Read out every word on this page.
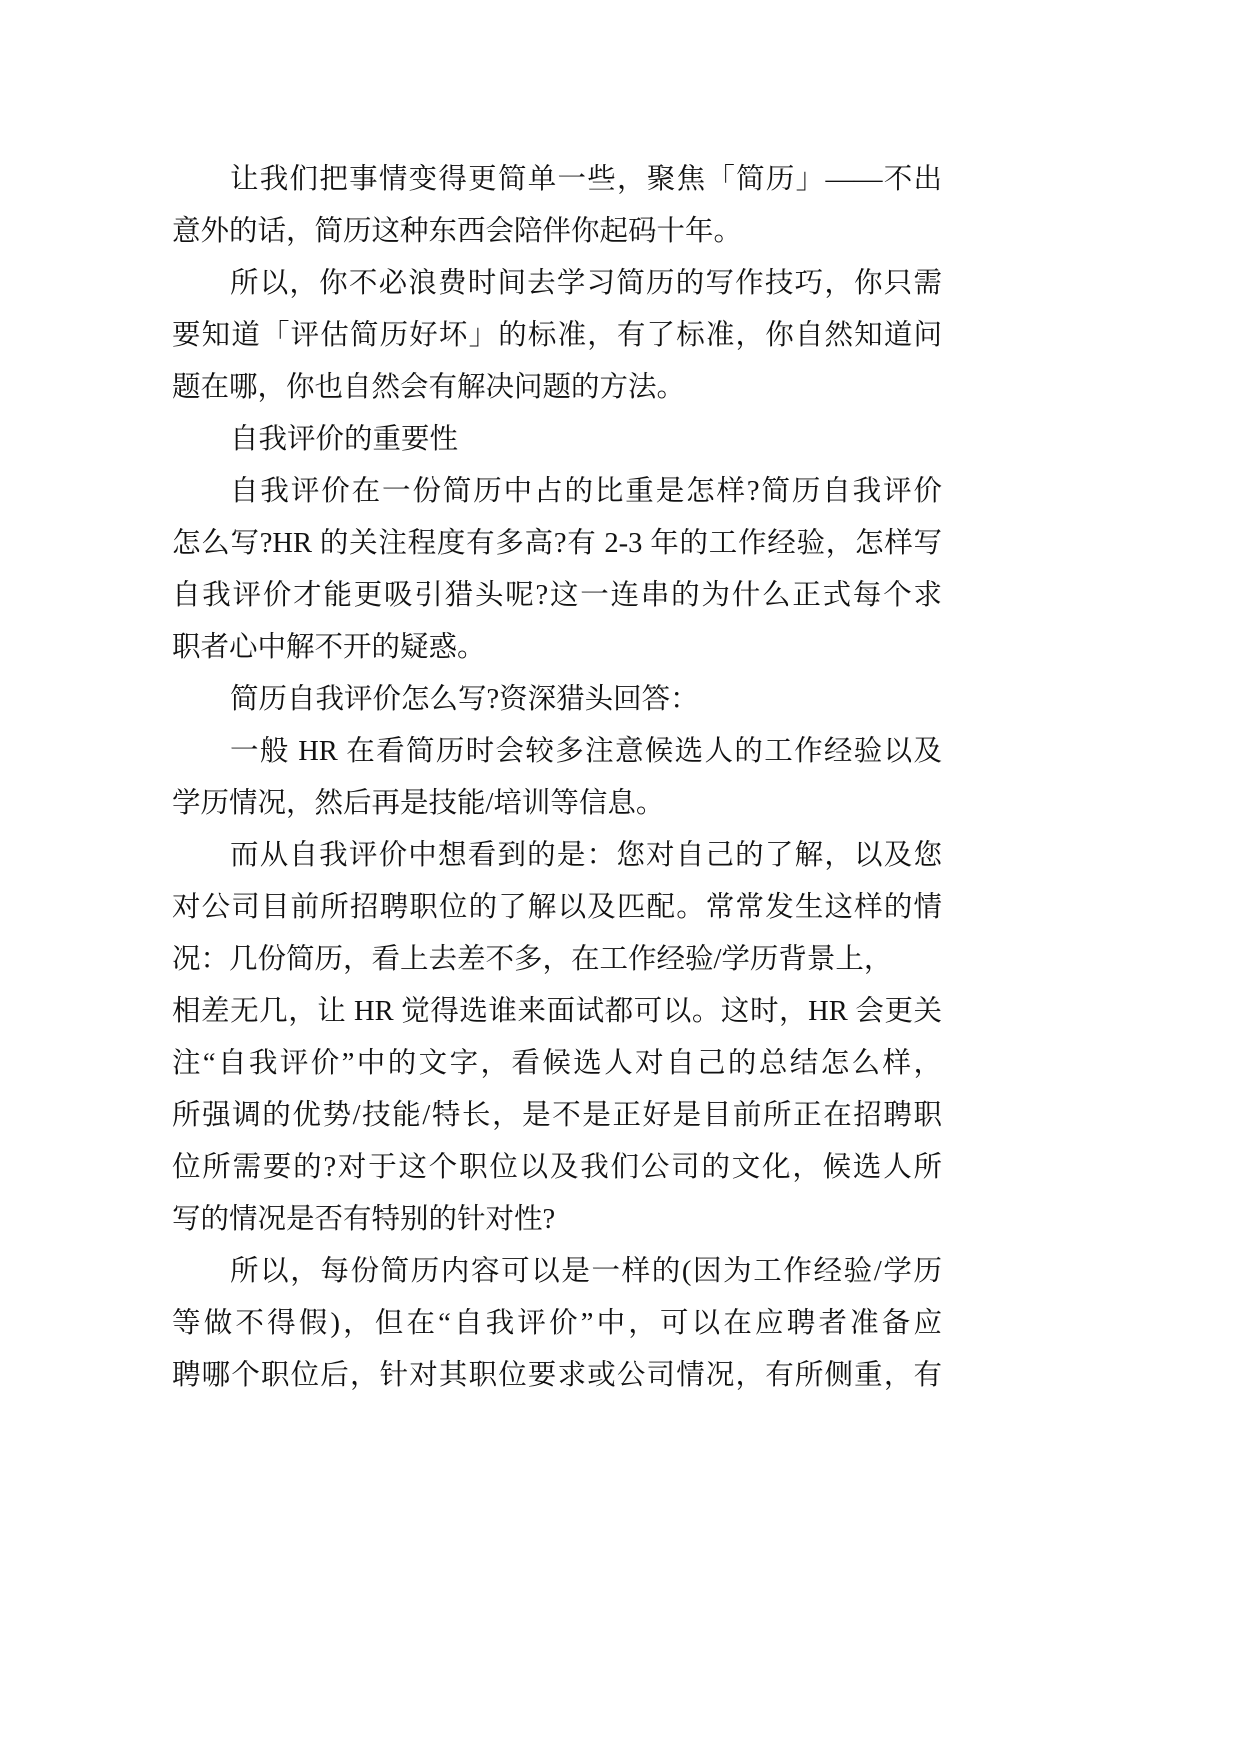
让我们把事情变得更简单一些，聚焦「简历」——不出
意外的话，简历这种东西会陪伴你起码十年。
所以，你不必浪费时间去学习简历的写作技巧，你只需
要知道「评估简历好坏」的标准，有了标准，你自然知道问
题在哪，你也自然会有解决问题的方法。
自我评价的重要性
自我评价在一份简历中占的比重是怎样?简历自我评价
怎么写?HR 的关注程度有多高?有 2-3 年的工作经验，怎样写
自我评价才能更吸引猎头呢?这一连串的为什么正式每个求
职者心中解不开的疑惑。
简历自我评价怎么写?资深猎头回答：
一般 HR 在看简历时会较多注意候选人的工作经验以及
学历情况，然后再是技能/培训等信息。
而从自我评价中想看到的是：您对自己的了解，以及您
对公司目前所招聘职位的了解以及匹配。常常发生这样的情
况：几份简历，看上去差不多，在工作经验/学历背景上，
相差无几，让 HR 觉得选谁来面试都可以。这时，HR 会更关
注“自我评价”中的文字，看候选人对自己的总结怎么样，
所强调的优势/技能/特长，是不是正好是目前所正在招聘职
位所需要的?对于这个职位以及我们公司的文化，候选人所
写的情况是否有特别的针对性?
所以，每份简历内容可以是一样的(因为工作经验/学历
等做不得假)，但在“自我评价”中，可以在应聘者准备应
聘哪个职位后，针对其职位要求或公司情况，有所侧重，有
